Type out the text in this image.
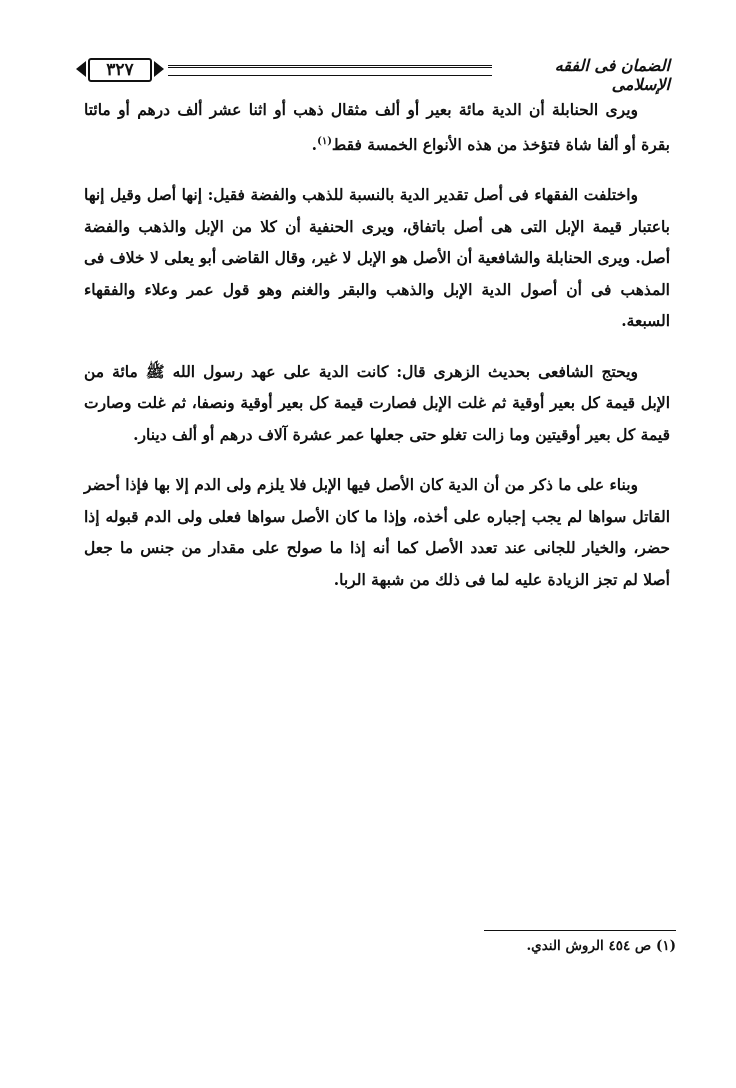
٣٢٧	الضمان فى الفقه الإسلامى

ويرى الحنابلة أن الدية مائة بعير أو ألف مثقال ذهب أو اثنا عشر ألف درهم أو مائتا بقرة أو ألفا شاة فتؤخذ من هذه الأنواع الخمسة فقط$^{(١)}$.

واختلفت الفقهاء فى أصل تقدير الدية بالنسبة للذهب والفضة فقيل: إنها أصل وقيل إنها باعتبار قيمة الإبل التى هى أصل باتفاق، ويرى الحنفية أن كلا من الإبل والذهب والفضة أصل. ويرى الحنابلة والشافعية أن الأصل هو الإبل لا غير، وقال القاضى أبو يعلى لا خلاف فى المذهب فى أن أصول الدية الإبل والذهب والبقر والغنم وهو قول عمر وعلاء والفقهاء السبعة.

ويحتج الشافعى بحديث الزهرى قال: كانت الدية على عهد رسول الله ﷺ مائة من الإبل قيمة كل بعير أوقية ثم غلت الإبل فصارت قيمة كل بعير أوقية ونصفا، ثم غلت وصارت قيمة كل بعير أوقيتين وما زالت تغلو حتى جعلها عمر عشرة آلاف درهم أو ألف دينار.

وبناء على ما ذكر من أن الدية كان الأصل فيها الإبل فلا يلزم ولى الدم إلا بها فإذا أحضر القاتل سواها لم يجب إجباره على أخذه، وإذا ما كان الأصل سواها فعلى ولى الدم قبوله إذا حضر، والخيار للجانى عند تعدد الأصل كما أنه إذا ما صولح على مقدار من جنس ما جعل أصلا لم تجز الزيادة عليه لما فى ذلك من شبهة الربا.

(١) ص ٤٥٤ الروش الندي.
